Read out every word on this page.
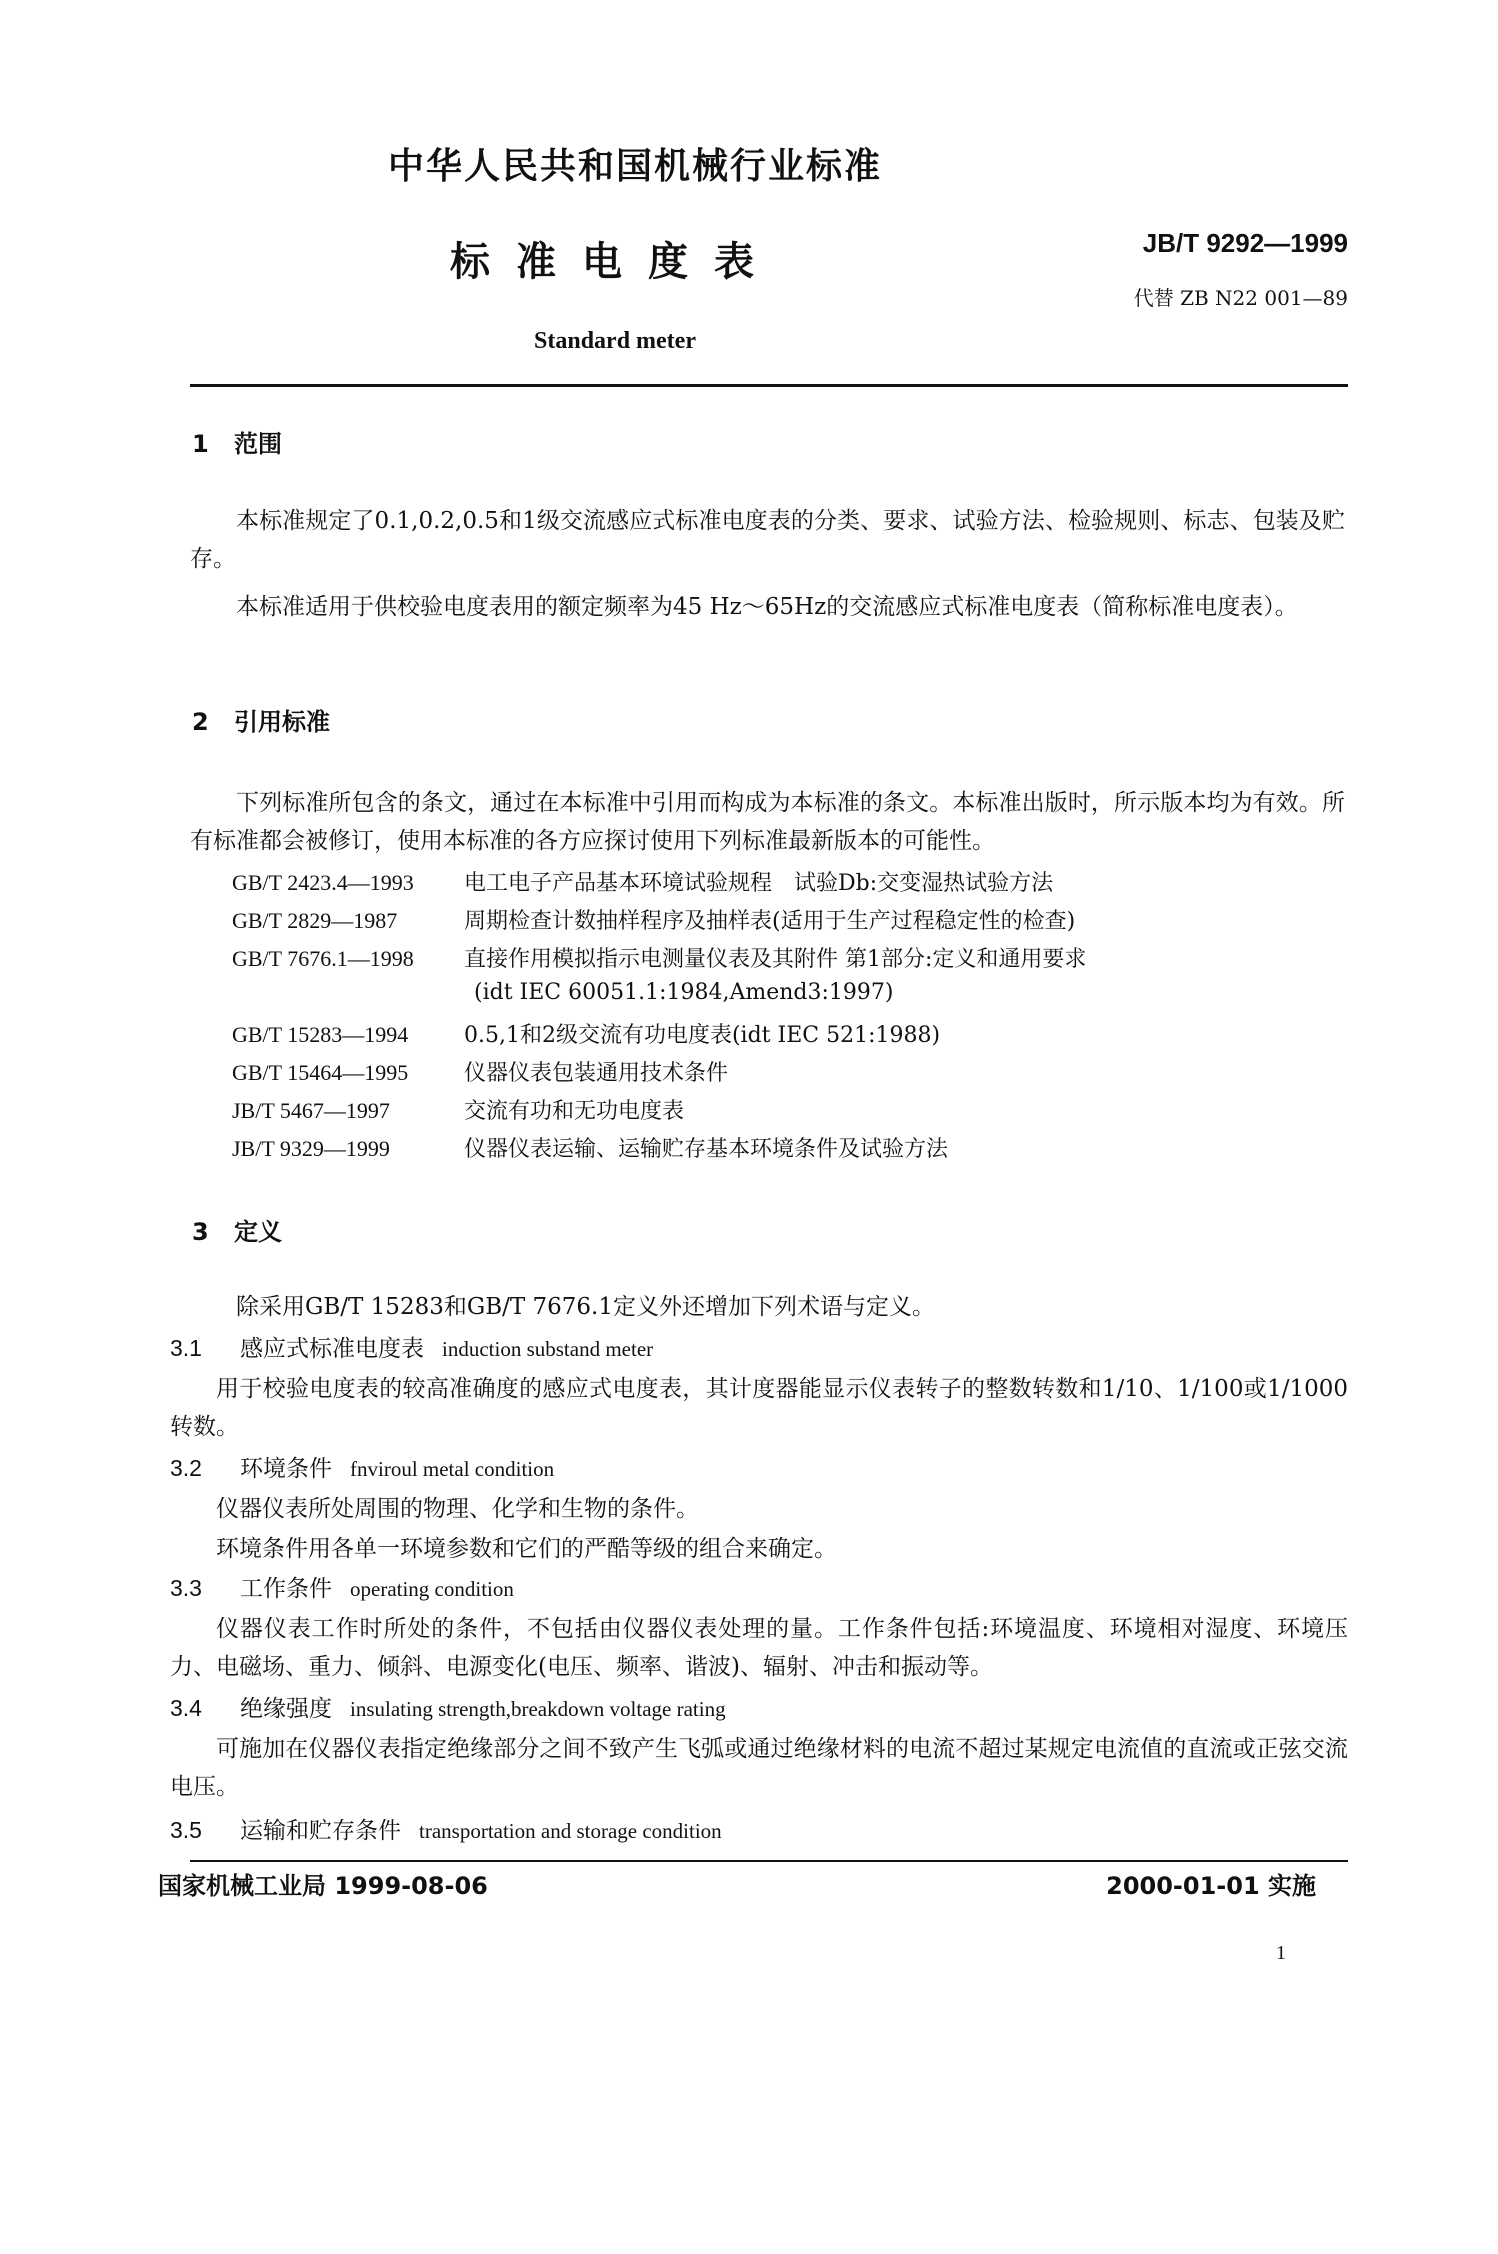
中华人民共和国机械行业标准
标准电度表	JB/T 9292—1999
代替 ZB N22 001—89
Standard meter
1 范围
本标准规定了0.1,0.2,0.5和1级交流感应式标准电度表的分类、要求、试验方法、检验规则、标志、包装及贮存。
本标准适用于供校验电度表用的额定频率为45 Hz～65Hz的交流感应式标准电度表（简称标准电度表）。
2 引用标准
下列标准所包含的条文，通过在本标准中引用而构成为本标准的条文。本标准出版时，所示版本均为有效。所有标准都会被修订，使用本标准的各方应探讨使用下列标准最新版本的可能性。
GB/T 2423.4—1993 电工电子产品基本环境试验规程　试验Db:交变湿热试验方法
GB/T 2829—1987	周期检查计数抽样程序及抽样表(适用于生产过程稳定性的检查)
GB/T 7676.1—1998 直接作用模拟指示电测量仪表及其附件 第1部分:定义和通用要求
(idt IEC 60051.1:1984,Amend3:1997)
GB/T 15283—1994	0.5,1和2级交流有功电度表(idt IEC 521:1988)
GB/T 15464—1995	仪器仪表包装通用技术条件
JB/T 5467—1997	交流有功和无功电度表
JB/T 9329—1999	仪器仪表运输、运输贮存基本环境条件及试验方法
3 定义
除采用GB/T 15283和GB/T 7676.1定义外还增加下列术语与定义。
3.1 感应式标准电度表 induction substand meter
用于校验电度表的较高准确度的感应式电度表，其计度器能显示仪表转子的整数转数和1/10、1/100或1/1000转数。
3.2 环境条件 fnviroul metal condition
仪器仪表所处周围的物理、化学和生物的条件。
环境条件用各单一环境参数和它们的严酷等级的组合来确定。
3.3 工作条件 operating condition
仪器仪表工作时所处的条件，不包括由仪器仪表处理的量。工作条件包括:环境温度、环境相对湿度、环境压力、电磁场、重力、倾斜、电源变化(电压、频率、谐波)、辐射、冲击和振动等。
3.4 绝缘强度 insulating strength,breakdown voltage rating
可施加在仪器仪表指定绝缘部分之间不致产生飞弧或通过绝缘材料的电流不超过某规定电流值的直流或正弦交流电压。
3.5 运输和贮存条件 transportation and storage condition
国家机械工业局 1999-08-06	2000-01-01 实施
1
